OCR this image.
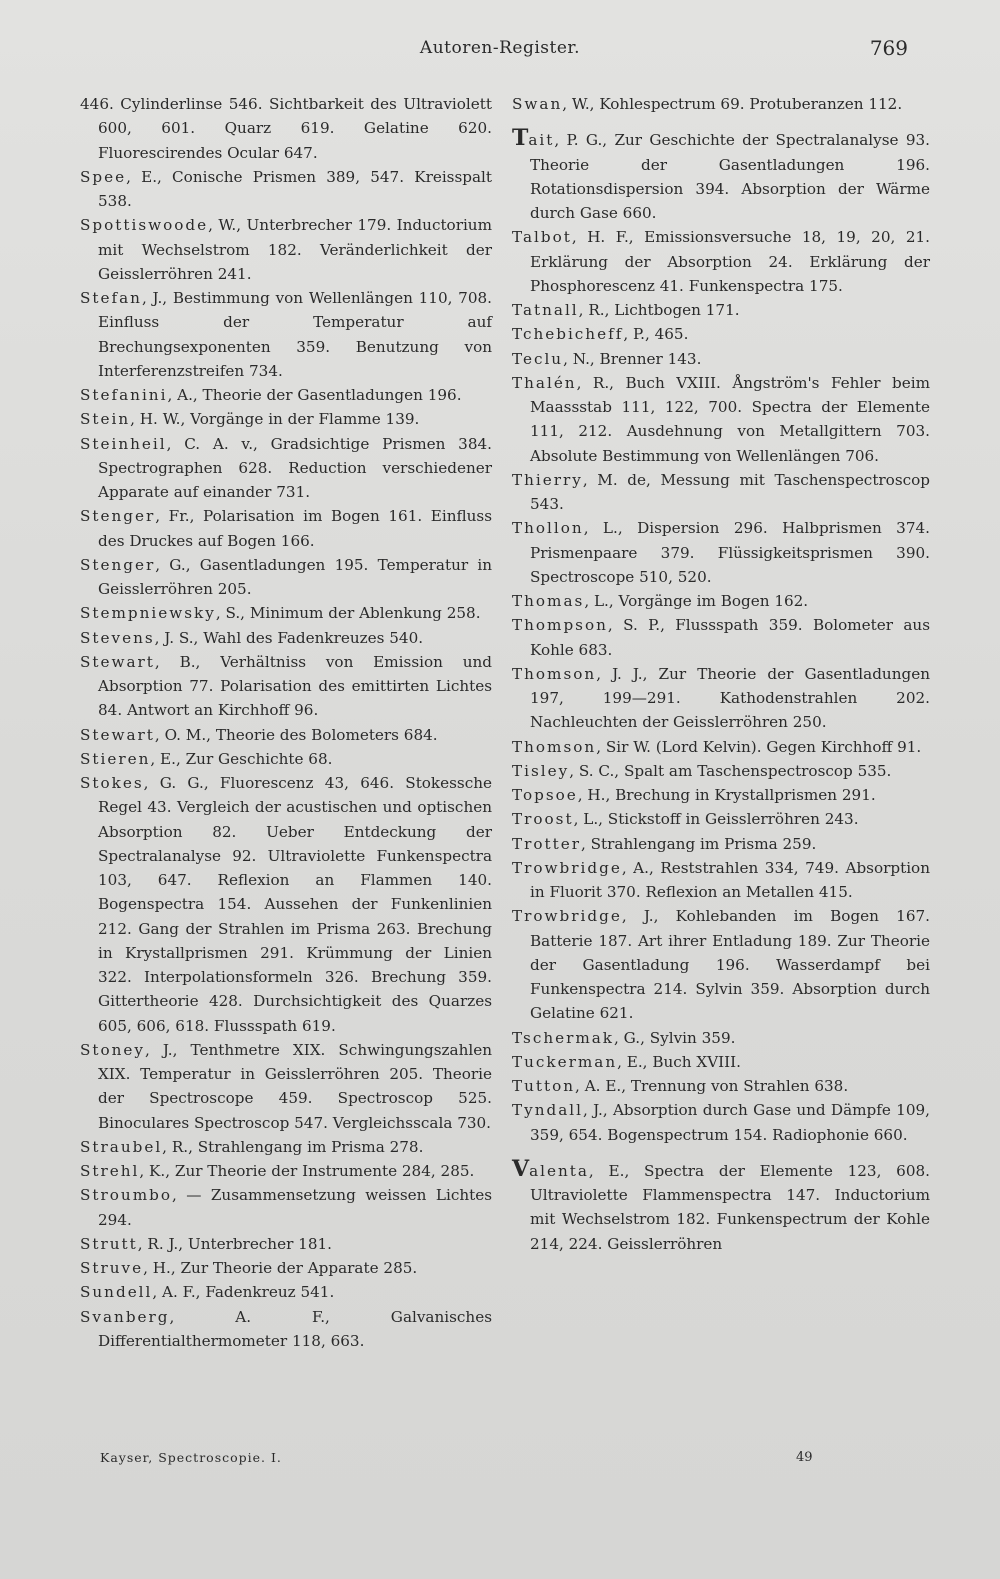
Autoren-Register.	769

446. Cylinderlinse 546. Sichtbarkeit des Ultraviolett 600, 601. Quarz 619. Gelatine 620. Fluorescirendes Ocular 647.

Spee, E., Conische Prismen 389, 547. Kreisspalt 538.

Spottiswoode, W., Unterbrecher 179. Inductorium mit Wechselstrom 182. Veränderlichkeit der Geisslerröhren 241.

Stefan, J., Bestimmung von Wellenlängen 110, 708. Einfluss der Temperatur auf Brechungsexponenten 359. Benutzung von Interferenzstreifen 734.

Stefanini, A., Theorie der Gasentladungen 196.

Stein, H. W., Vorgänge in der Flamme 139.

Steinheil, C. A. v., Gradsichtige Prismen 384. Spectrographen 628. Reduction verschiedener Apparate auf einander 731.

Stenger, Fr., Polarisation im Bogen 161. Einfluss des Druckes auf Bogen 166.

Stenger, G., Gasentladungen 195. Temperatur in Geisslerröhren 205.

Stempniewsky, S., Minimum der Ablenkung 258.

Stevens, J. S., Wahl des Fadenkreuzes 540.

Stewart, B., Verhältniss von Emission und Absorption 77. Polarisation des emittirten Lichtes 84. Antwort an Kirchhoff 96.

Stewart, O. M., Theorie des Bolometers 684.

Stieren, E., Zur Geschichte 68.

Stokes, G. G., Fluorescenz 43, 646. Stokessche Regel 43. Vergleich der acustischen und optischen Absorption 82. Ueber Entdeckung der Spectralanalyse 92. Ultraviolette Funkenspectra 103, 647. Reflexion an Flammen 140. Bogenspectra 154. Aussehen der Funkenlinien 212. Gang der Strahlen im Prisma 263. Brechung in Krystallprismen 291. Krümmung der Linien 322. Interpolationsformeln 326. Brechung 359. Gittertheorie 428. Durchsichtigkeit des Quarzes 605, 606, 618. Flussspath 619.

Stoney, J., Tenthmetre XIX. Schwingungszahlen XIX. Temperatur in Geisslerröhren 205. Theorie der Spectroscope 459. Spectroscop 525. Binoculares Spectroscop 547. Vergleichsscala 730.

Straubel, R., Strahlengang im Prisma 278.

Strehl, K., Zur Theorie der Instrumente 284, 285.

Stroumbo, — Zusammensetzung weissen Lichtes 294.

Strutt, R. J., Unterbrecher 181.

Struve, H., Zur Theorie der Apparate 285.

Sundell, A. F., Fadenkreuz 541.

Svanberg, A. F., Galvanisches Differentialthermometer 118, 663.

Swan, W., Kohlespectrum 69. Protuberanzen 112.

Tait, P. G., Zur Geschichte der Spectralanalyse 93. Theorie der Gasentladungen 196. Rotationsdispersion 394. Absorption der Wärme durch Gase 660.

Talbot, H. F., Emissionsversuche 18, 19, 20, 21. Erklärung der Absorption 24. Erklärung der Phosphorescenz 41. Funkenspectra 175.

Tatnall, R., Lichtbogen 171.

Tchebicheff, P., 465.

Teclu, N., Brenner 143.

Thalén, R., Buch VXIII. Ångström's Fehler beim Maassstab 111, 122, 700. Spectra der Elemente 111, 212. Ausdehnung von Metallgittern 703. Absolute Bestimmung von Wellenlängen 706.

Thierry, M. de, Messung mit Taschenspectroscop 543.

Thollon, L., Dispersion 296. Halbprismen 374. Prismenpaare 379. Flüssigkeitsprismen 390. Spectroscope 510, 520.

Thomas, L., Vorgänge im Bogen 162.

Thompson, S. P., Flussspath 359. Bolometer aus Kohle 683.

Thomson, J. J., Zur Theorie der Gasentladungen 197, 199—291. Kathodenstrahlen 202. Nachleuchten der Geisslerröhren 250.

Thomson, Sir W. (Lord Kelvin). Gegen Kirchhoff 91.

Tisley, S. C., Spalt am Taschenspectroscop 535.

Topsoe, H., Brechung in Krystallprismen 291.

Troost, L., Stickstoff in Geisslerröhren 243.

Trotter, Strahlengang im Prisma 259.

Trowbridge, A., Reststrahlen 334, 749. Absorption in Fluorit 370. Reflexion an Metallen 415.

Trowbridge, J., Kohlebanden im Bogen 167. Batterie 187. Art ihrer Entladung 189. Zur Theorie der Gasentladung 196. Wasserdampf bei Funkenspectra 214. Sylvin 359. Absorption durch Gelatine 621.

Tschermak, G., Sylvin 359.

Tuckerman, E., Buch XVIII.

Tutton, A. E., Trennung von Strahlen 638.

Tyndall, J., Absorption durch Gase und Dämpfe 109, 359, 654. Bogenspectrum 154. Radiophonie 660.

Valenta, E., Spectra der Elemente 123, 608. Ultraviolette Flammenspectra 147. Inductorium mit Wechselstrom 182. Funkenspectrum der Kohle 214, 224. Geisslerröhren

Kayser, Spectroscopie. I.	49
